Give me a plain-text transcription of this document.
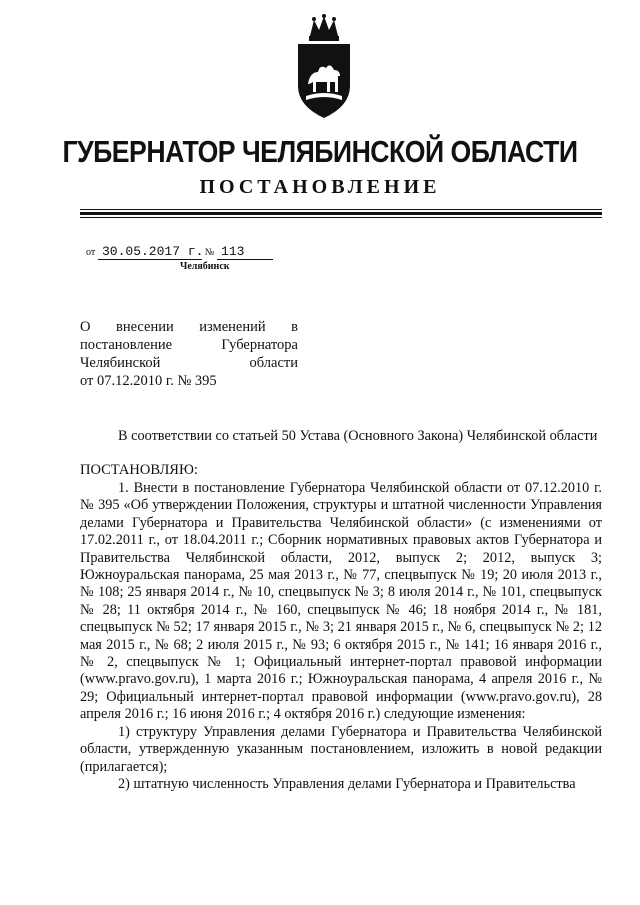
ГУБЕРНАТОР ЧЕЛЯБИНСКОЙ ОБЛАСТИ
ПОСТАНОВЛЕНИЕ
от 30.05.2017 г. № 113
Челябинск
О внесении изменений в
постановление Губернатора
Челябинской области
от 07.12.2010 г. № 395
В соответствии со статьей 50 Устава (Основного Закона) Челябинской области
ПОСТАНОВЛЯЮ:
1. Внести в постановление Губернатора Челябинской области от 07.12.2010 г. № 395 «Об утверждении Положения, структуры и штатной численности Управления делами Губернатора и Правительства Челябинской области» (с изменениями от 17.02.2011 г., от 18.04.2011 г.; Сборник нормативных правовых актов Губернатора и Правительства Челябинской области, 2012, выпуск 2; 2012, выпуск 3; Южноуральская панорама, 25 мая 2013 г., № 77, спецвыпуск № 19; 20 июля 2013 г., № 108; 25 января 2014 г., № 10, спецвыпуск № 3; 8 июля 2014 г., № 101, спецвыпуск № 28; 11 октября 2014 г., № 160, спецвыпуск № 46; 18 ноября 2014 г., № 181, спецвыпуск № 52; 17 января 2015 г., № 3; 21 января 2015 г., № 6, спецвыпуск № 2; 12 мая 2015 г., № 68; 2 июля 2015 г., № 93; 6 октября 2015 г., № 141; 16 января 2016 г., № 2, спецвыпуск № 1; Официальный интернет-портал правовой информации (www.pravo.gov.ru), 1 марта 2016 г.; Южноуральская панорама, 4 апреля 2016 г., № 29; Официальный интернет-портал правовой информации (www.pravo.gov.ru), 28 апреля 2016 г.; 16 июня 2016 г.; 4 октября 2016 г.) следующие изменения:
1) структуру Управления делами Губернатора и Правительства Челябинской области, утвержденную указанным постановлением, изложить в новой редакции (прилагается);
2) штатную численность Управления делами Губернатора и Правительства
